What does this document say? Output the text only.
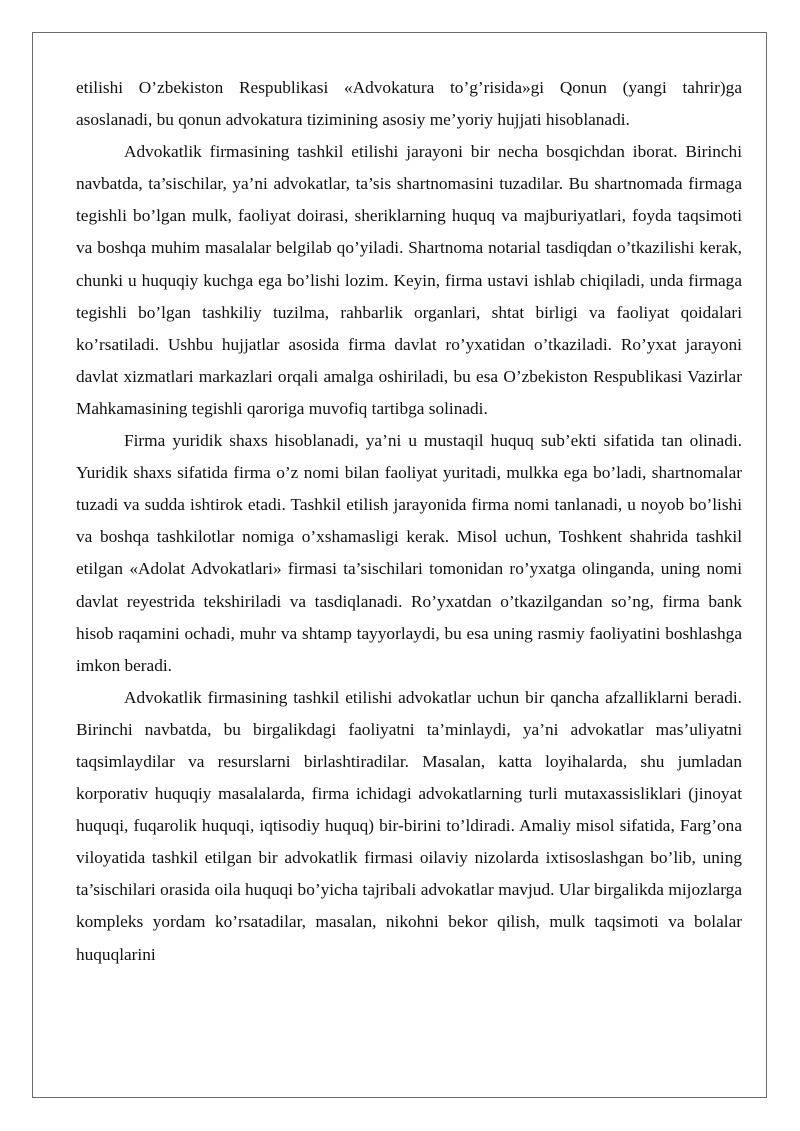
etilishi O’zbekiston Respublikasi «Advokatura to’g’risida»gi Qonun (yangi tahrir)ga asoslanadi, bu qonun advokatura tizimining asosiy me’yoriy hujjati hisoblanadi.

Advokatlik firmasining tashkil etilishi jarayoni bir necha bosqichdan iborat. Birinchi navbatda, ta’sischilar, ya’ni advokatlar, ta’sis shartnomasini tuzadilar. Bu shartnomada firmaga tegishli bo’lgan mulk, faoliyat doirasi, sheriklarning huquq va majburiyatlari, foyda taqsimoti va boshqa muhim masalalar belgilab qo’yiladi. Shartnoma notarial tasdiqdan o’tkazilishi kerak, chunki u huquqiy kuchga ega bo’lishi lozim. Keyin, firma ustavi ishlab chiqiladi, unda firmaga tegishli bo’lgan tashkiliy tuzilma, rahbarlik organlari, shtat birligi va faoliyat qoidalari ko’rsatiladi. Ushbu hujjatlar asosida firma davlat ro’yxatidan o’tkaziladi. Ro’yxat jarayoni davlat xizmatlari markazlari orqali amalga oshiriladi, bu esa O’zbekiston Respublikasi Vazirlar Mahkamasining tegishli qaroriga muvofiq tartibga solinadi.

Firma yuridik shaxs hisoblanadi, ya’ni u mustaqil huquq sub’ekti sifatida tan olinadi. Yuridik shaxs sifatida firma o’z nomi bilan faoliyat yuritadi, mulkka ega bo’ladi, shartnomalar tuzadi va sudda ishtirok etadi. Tashkil etilish jarayonida firma nomi tanlanadi, u noyob bo’lishi va boshqa tashkilotlar nomiga o’xshamasligi kerak. Misol uchun, Toshkent shahrida tashkil etilgan «Adolat Advokatlari» firmasi ta’sischilari tomonidan ro’yxatga olinganda, uning nomi davlat reyestrida tekshiriladi va tasdiqlanadi. Ro’yxatdan o’tkazilgandan so’ng, firma bank hisob raqamini ochadi, muhr va shtamp tayyorlaydi, bu esa uning rasmiy faoliyatini boshlashga imkon beradi.

Advokatlik firmasining tashkil etilishi advokatlar uchun bir qancha afzalliklarni beradi. Birinchi navbatda, bu birgalikdagi faoliyatni ta’minlaydi, ya’ni advokatlar mas’uliyatni taqsimlaydilar va resurslarni birlashtiradilar. Masalan, katta loyihalarda, shu jumladan korporativ huquqiy masalalarda, firma ichidagi advokatlarning turli mutaxassisliklari (jinoyat huquqi, fuqarolik huquqi, iqtisodiy huquq) bir-birini to’ldiradi. Amaliy misol sifatida, Farg’ona viloyatida tashkil etilgan bir advokatlik firmasi oilaviy nizolarda ixtisoslashgan bo’lib, uning ta’sischilari orasida oila huquqi bo’yicha tajribali advokatlar mavjud. Ular birgalikda mijozlarga kompleks yordam ko’rsatadilar, masalan, nikohni bekor qilish, mulk taqsimoti va bolalar huquqlarini
